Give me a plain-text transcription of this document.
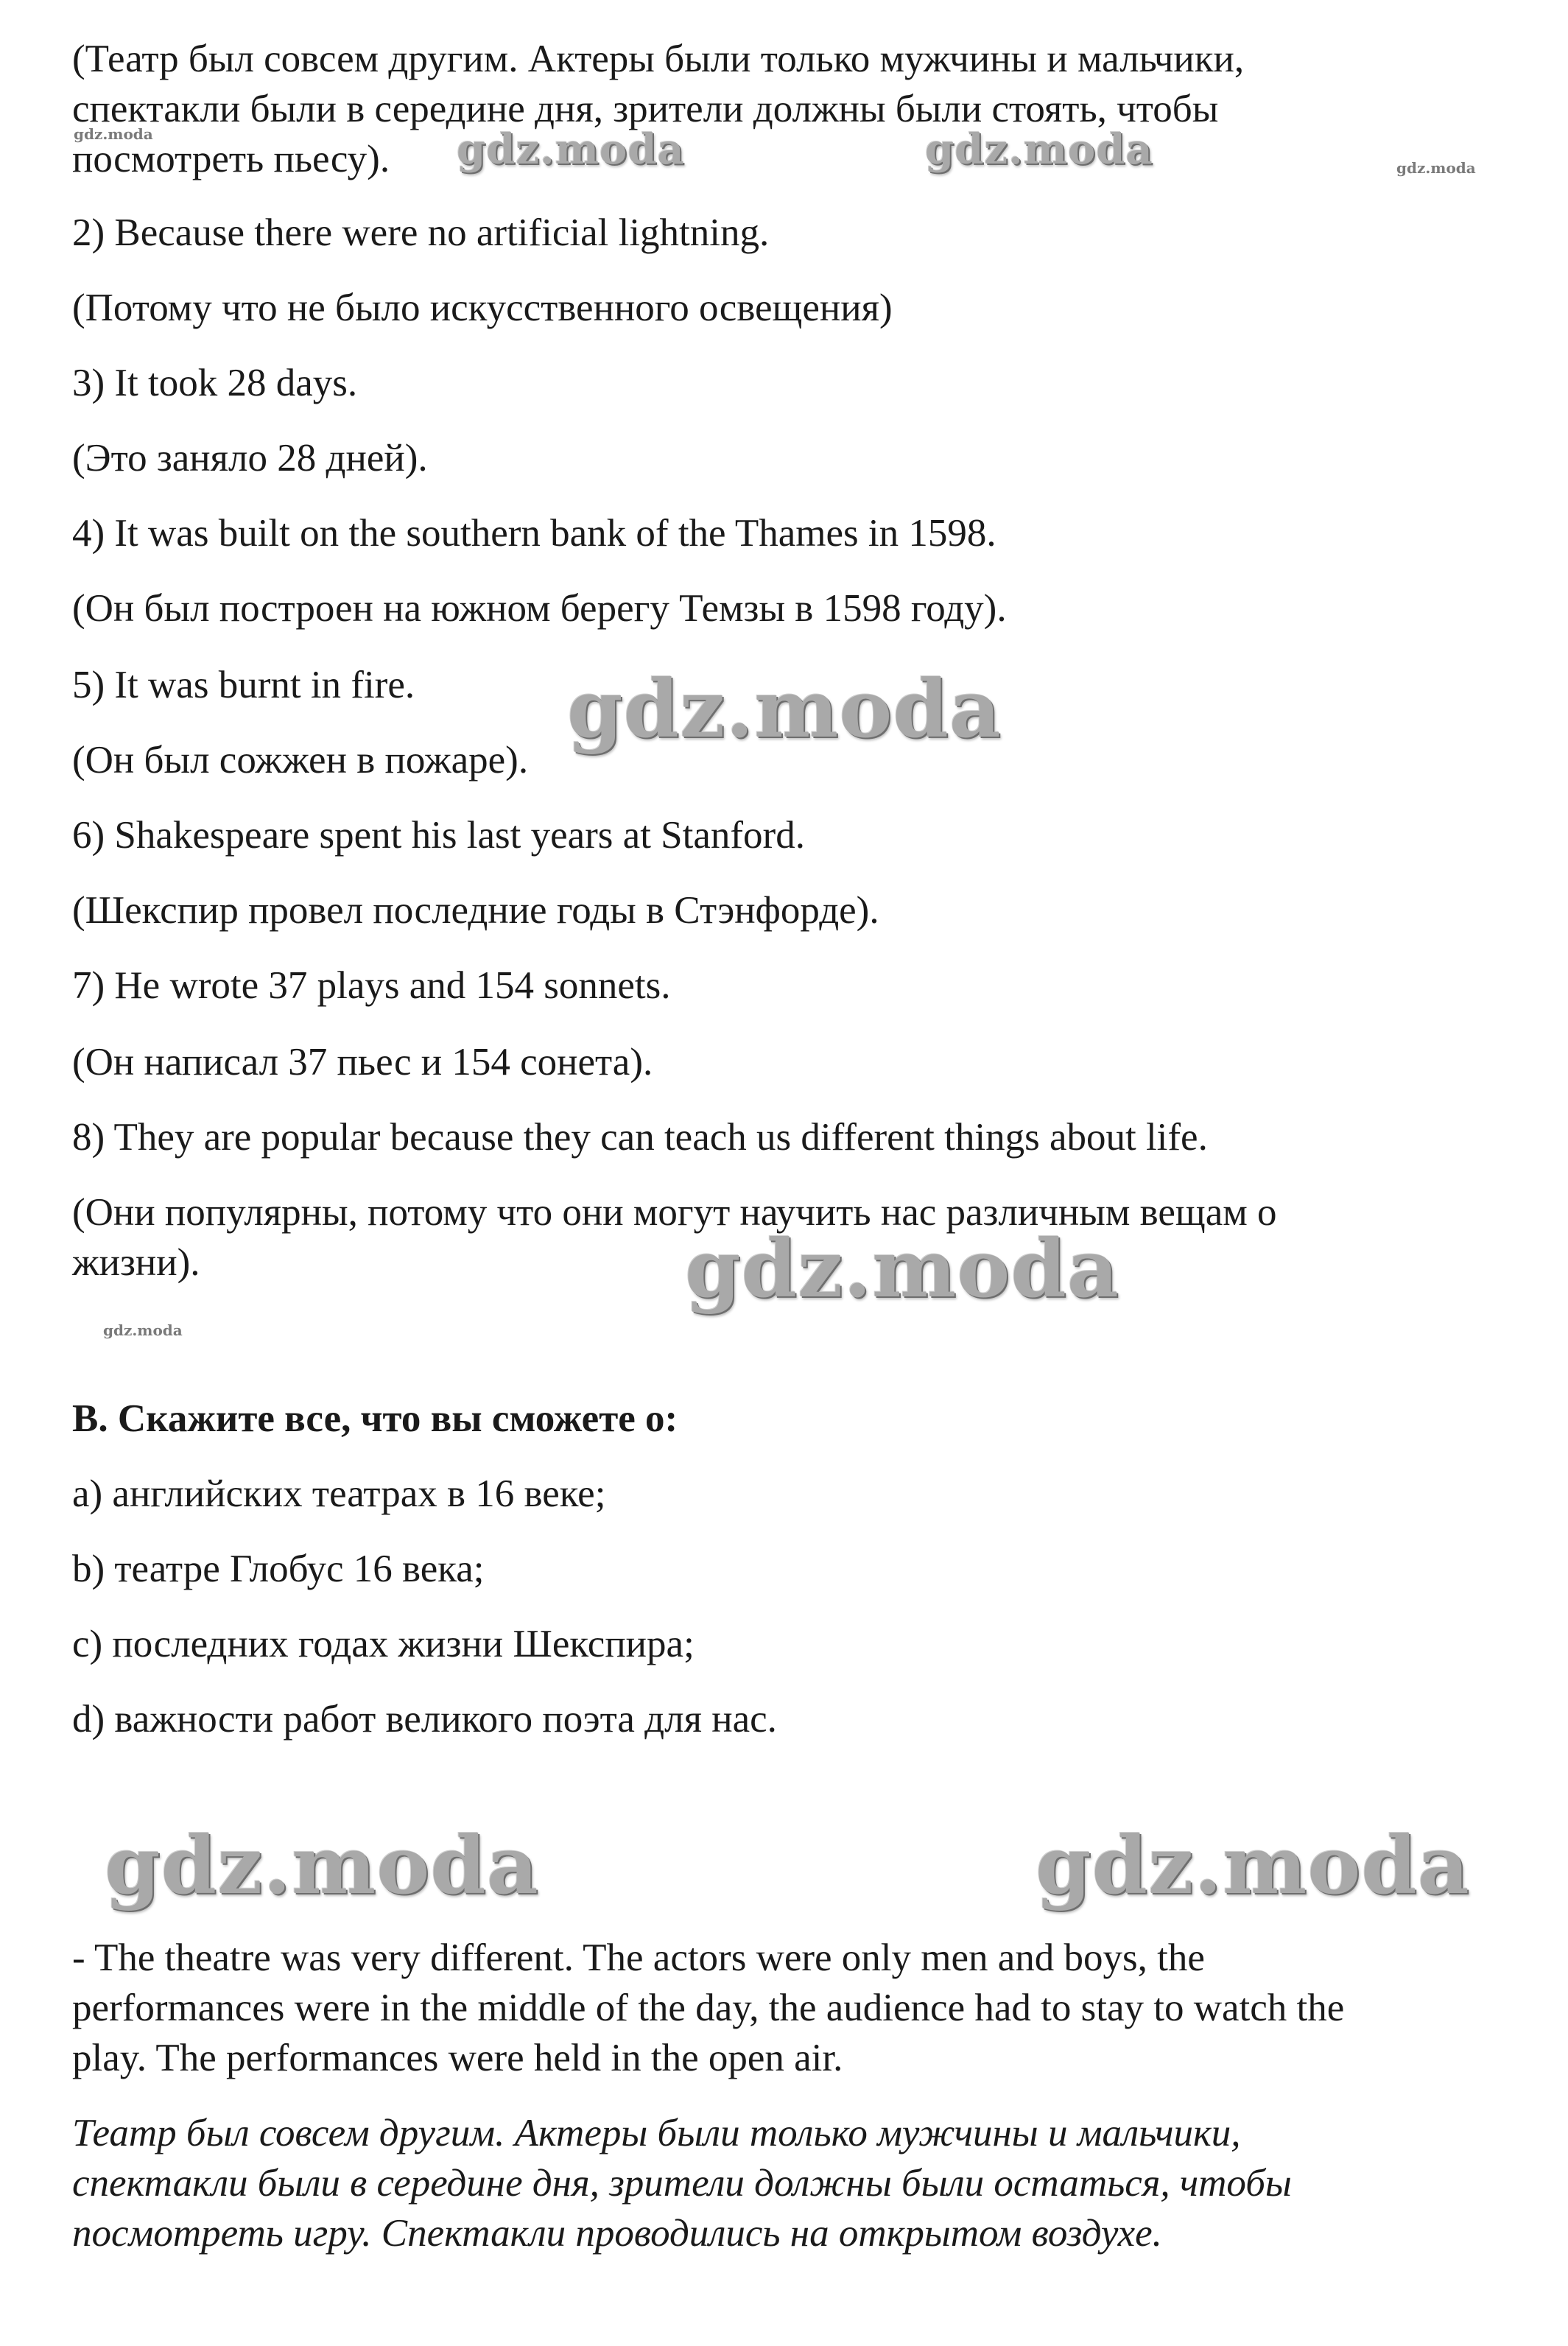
(Театр был совсем другим. Актеры были только мужчины и мальчики,

спектакли были в середине дня, зрители должны были стоять, чтобы

посмотреть пьесу).

2) Because there were no artificial lightning.

(Потому что не было искусственного освещения)

3) It took 28 days.

(Это заняло 28 дней).

4) It was built on the southern bank of the Thames in 1598.

(Он был построен на южном берегу Темзы в 1598 году).

5) It was burnt in fire.

(Он был сожжен в пожаре).

6) Shakespeare spent his last years at Stanford.

(Шекспир провел последние годы в Стэнфорде).

7) He wrote 37 plays and 154 sonnets.

(Он написал 37 пьес и 154 сонета).

8) They are popular because they can teach us different things about life.

(Они популярны, потому что они могут научить нас различным вещам о

жизни).

B. Скажите все, что вы сможете о:

a) английских театрах в 16 веке;

b) театре Глобус 16 века;

c) последних годах жизни Шекспира;

d) важности работ великого поэта для нас.

- The theatre was very different. The actors were only men and boys, the

performances were in the middle of the day, the audience had to stay to watch the

play. The performances were held in the open air.

Театр был совсем другим. Актеры были только мужчины и мальчики,

спектакли были в середине дня, зрители должны были остаться, чтобы

посмотреть игру. Спектакли проводились на открытом воздухе.

gdz.moda	gdz.moda	gdz.moda	gdz.moda
gdz.moda
gdz.moda
gdz.moda
gdz.moda	gdz.moda
